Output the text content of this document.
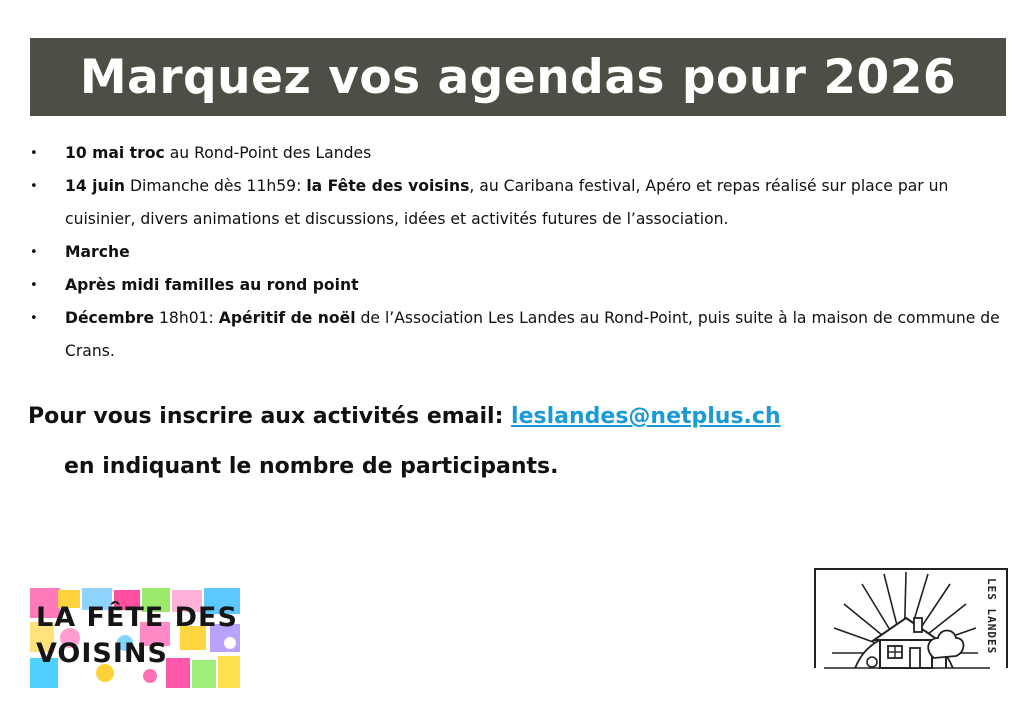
Marquez vos agendas pour 2026
• 10 mai troc au Rond-Point des Landes
• 14 juin Dimanche dès 11h59: la Fête des voisins, au Caribana festival, Apéro et repas réalisé sur place par un cuisinier, divers animations et discussions, idées et activités futures de l’association.
• Marche
• Après midi familles au rond point
• Décembre 18h01: Apéritif de noël de l’Association Les Landes au Rond-Point, puis suite à la maison de commune de Crans.
Pour vous inscrire aux activités email: leslandes@netplus.ch
en indiquant le nombre de participants.
LA FÊTE DES
VOISINS	LES LANDES
